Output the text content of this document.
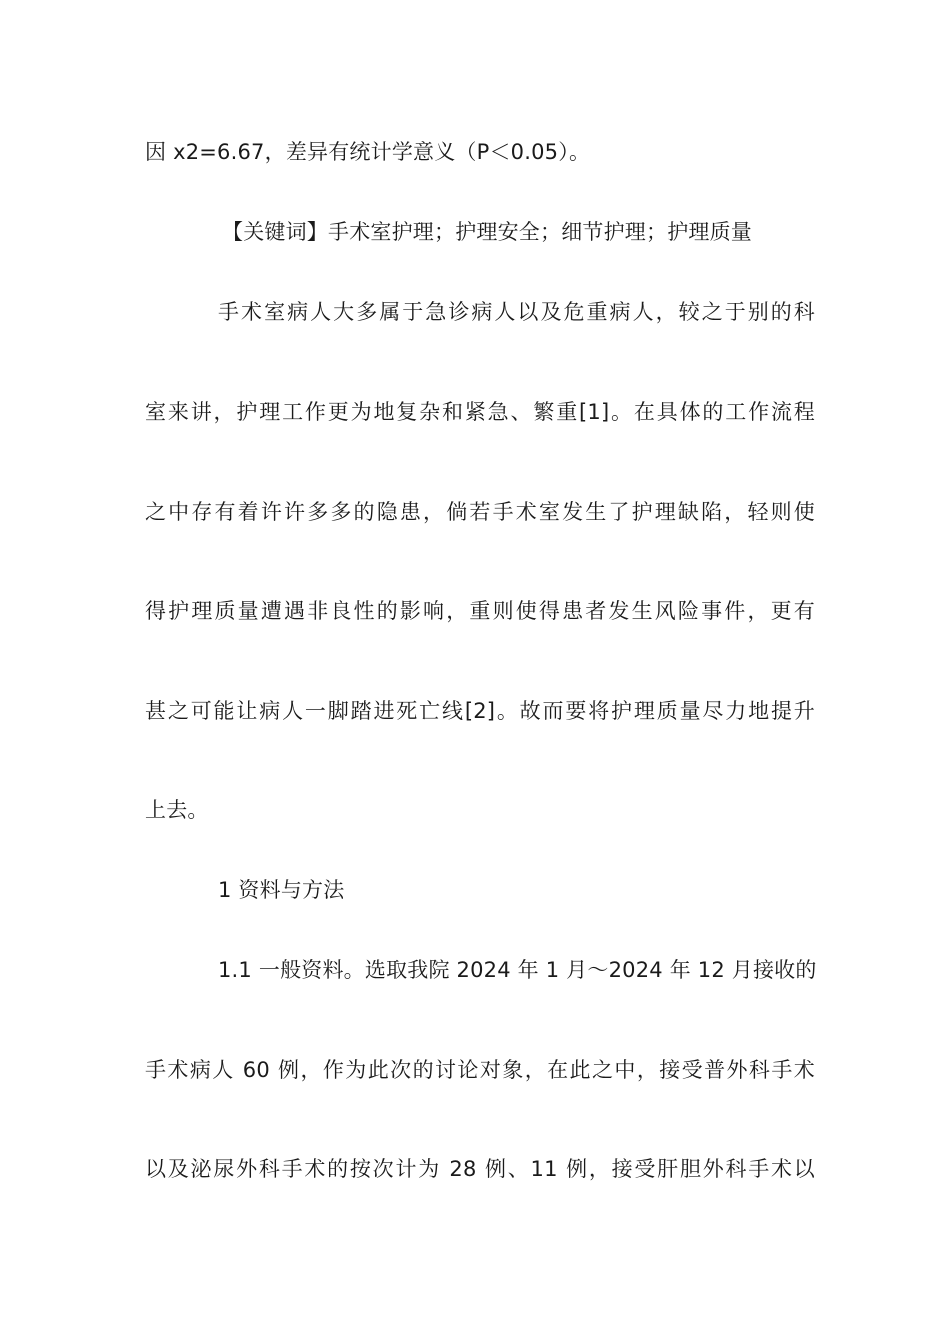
因 x2=6.67，差异有统计学意义（P＜0.05）。
【关键词】手术室护理；护理安全；细节护理；护理质量
手术室病人大多属于急诊病人以及危重病人，较之于别的科
室来讲，护理工作更为地复杂和紧急、繁重[1]。在具体的工作流程
之中存有着许许多多的隐患，倘若手术室发生了护理缺陷，轻则使
得护理质量遭遇非良性的影响，重则使得患者发生风险事件，更有
甚之可能让病人一脚踏进死亡线[2]。故而要将护理质量尽力地提升
上去。
1 资料与方法
1.1 一般资料。选取我院 2024 年 1 月～2024 年 12 月接收的
手术病人 60 例，作为此次的讨论对象，在此之中，接受普外科手术
以及泌尿外科手术的按次计为 28 例、11 例，接受肝胆外科手术以
